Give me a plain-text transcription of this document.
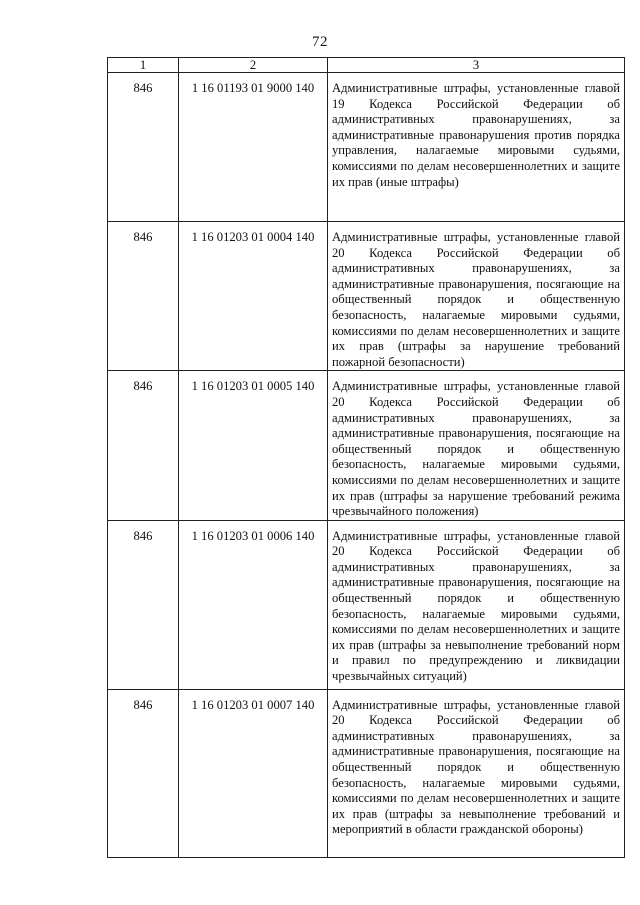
72
1	2	3
846	1 16 01193 01 9000 140	Административные штрафы, установленные главой 19 Кодекса Российской Федерации об административных правонарушениях, за административные правонарушения против порядка управления, налагаемые мировыми судьями, комиссиями по делам несовершеннолетних и защите их прав (иные штрафы)
846	1 16 01203 01 0004 140	Административные штрафы, установленные главой 20 Кодекса Российской Федерации об административных правонарушениях, за административные правонарушения, посягающие на общественный порядок и общественную безопасность, налагаемые мировыми судьями, комиссиями по делам несовершеннолетних и защите их прав (штрафы за нарушение требований пожарной безопасности)
846	1 16 01203 01 0005 140	Административные штрафы, установленные главой 20 Кодекса Российской Федерации об административных правонарушениях, за административные правонарушения, посягающие на общественный порядок и общественную безопасность, налагаемые мировыми судьями, комиссиями по делам несовершеннолетних и защите их прав (штрафы за нарушение требований режима чрезвычайного положения)
846	1 16 01203 01 0006 140	Административные штрафы, установленные главой 20 Кодекса Российской Федерации об административных правонарушениях, за административные правонарушения, посягающие на общественный порядок и общественную безопасность, налагаемые мировыми судьями, комиссиями по делам несовершеннолетних и защите их прав (штрафы за невыполнение требований норм и правил по предупреждению и ликвидации чрезвычайных ситуаций)
846	1 16 01203 01 0007 140	Административные штрафы, установленные главой 20 Кодекса Российской Федерации об административных правонарушениях, за административные правонарушения, посягающие на общественный порядок и общественную безопасность, налагаемые мировыми судьями, комиссиями по делам несовершеннолетних и защите их прав (штрафы за невыполнение требований и мероприятий в области гражданской обороны)
